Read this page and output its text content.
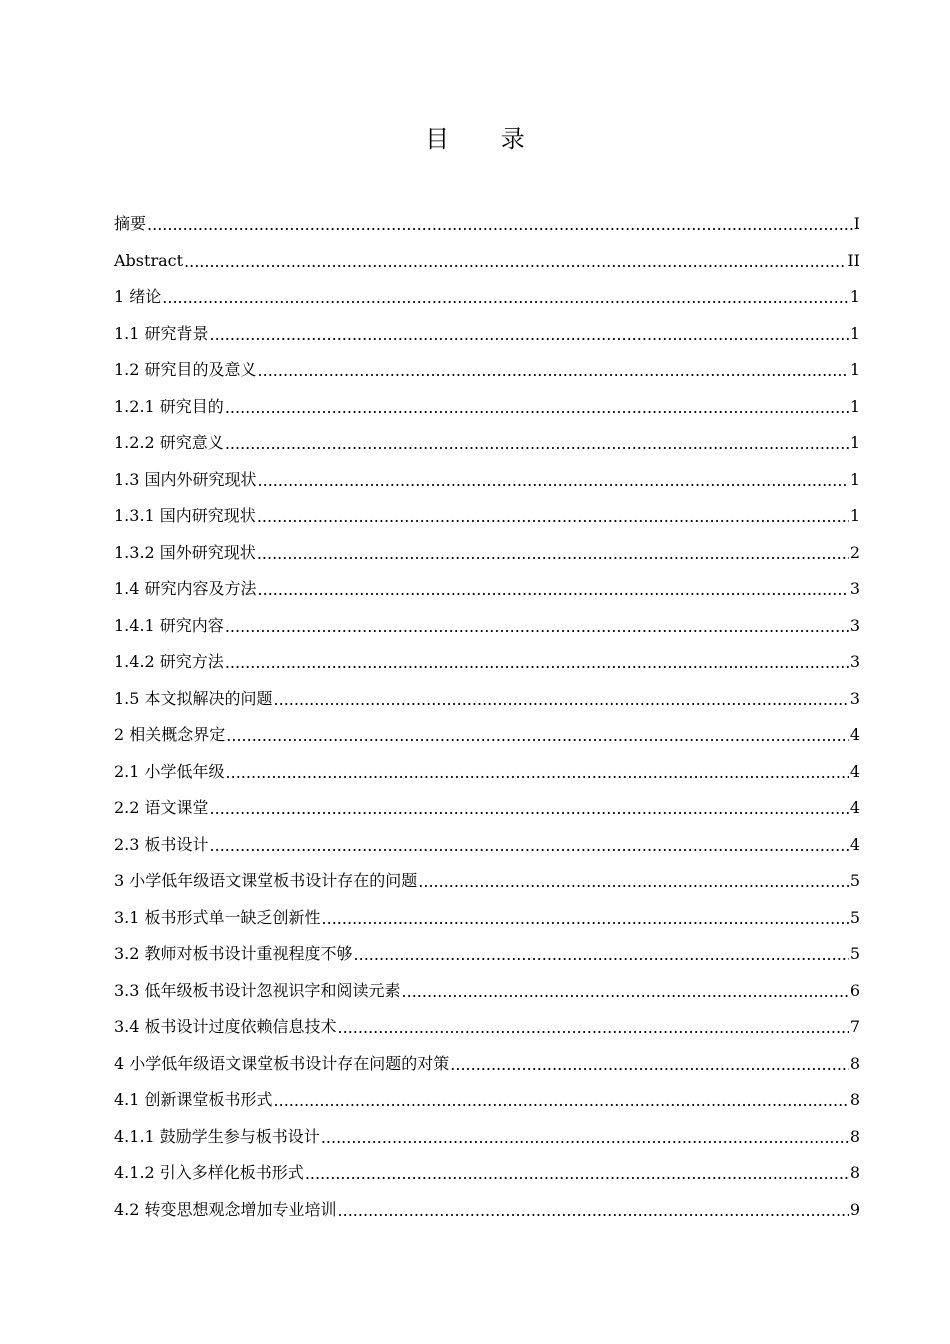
目 录
摘要 .....	I
Abstract .....	II
1 绪论 .....	1
1.1 研究背景 .....	1
1.2 研究目的及意义 .....	1
1.2.1 研究目的 .....	1
1.2.2 研究意义 .....	1
1.3 国内外研究现状 .....	1
1.3.1 国内研究现状 .....	1
1.3.2 国外研究现状 .....	2
1.4 研究内容及方法 .....	3
1.4.1 研究内容 .....	3
1.4.2 研究方法 .....	3
1.5 本文拟解决的问题 .....	3
2 相关概念界定 .....	4
2.1 小学低年级 .....	4
2.2 语文课堂 .....	4
2.3 板书设计 .....	4
3 小学低年级语文课堂板书设计存在的问题 .....	5
3.1 板书形式单一缺乏创新性 .....	5
3.2 教师对板书设计重视程度不够 .....	5
3.3 低年级板书设计忽视识字和阅读元素 .....	6
3.4 板书设计过度依赖信息技术 .....	7
4 小学低年级语文课堂板书设计存在问题的对策 .....	8
4.1 创新课堂板书形式 .....	8
4.1.1 鼓励学生参与板书设计 .....	8
4.1.2 引入多样化板书形式 .....	8
4.2 转变思想观念增加专业培训 .....	9
